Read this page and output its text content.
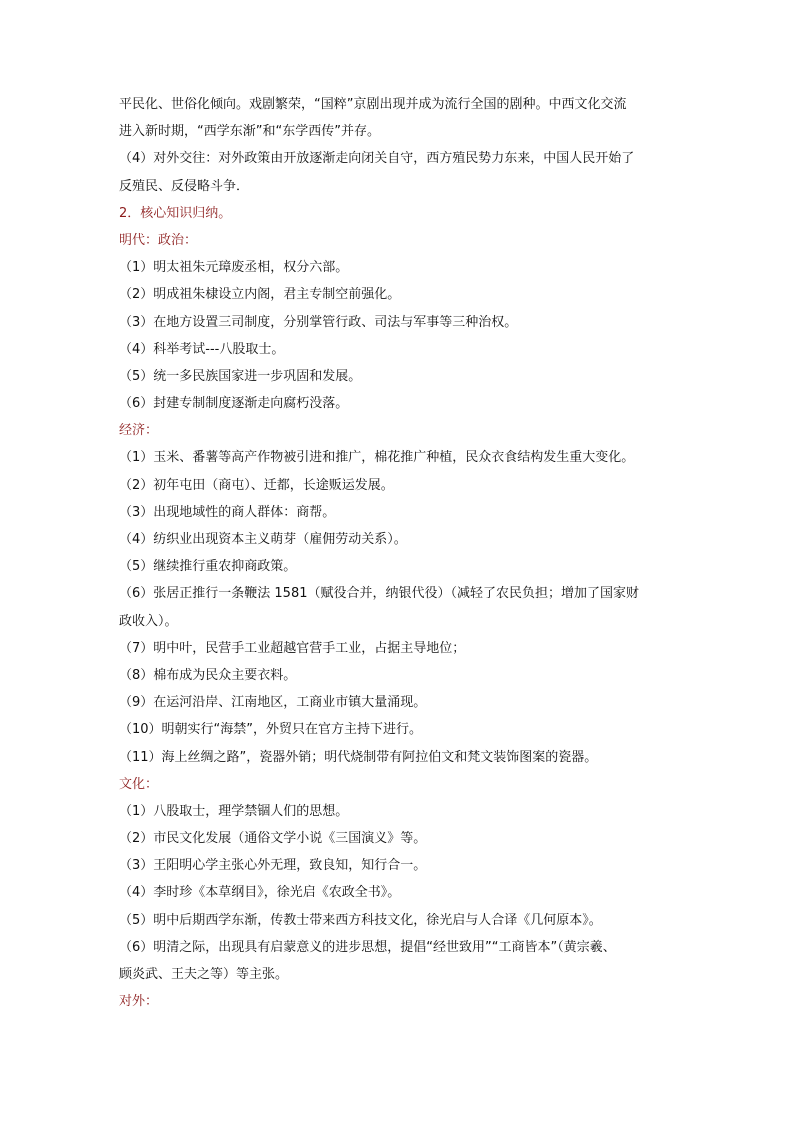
平民化、世俗化倾向。戏剧繁荣，“国粹”京剧出现并成为流行全国的剧种。中西文化交流
进入新时期，“西学东渐”和“东学西传”并存。
（4）对外交往：对外政策由开放逐渐走向闭关自守，西方殖民势力东来，中国人民开始了
反殖民、反侵略斗争．
2．核心知识归纳。
明代：政治：
（1）明太祖朱元璋废丞相，权分六部。
（2）明成祖朱棣设立内阁，君主专制空前强化。
（3）在地方设置三司制度，分别掌管行政、司法与军事等三种治权。
（4）科举考试---八股取士。
（5）统一多民族国家进一步巩固和发展。
（6）封建专制制度逐渐走向腐朽没落。
经济：
（1）玉米、番薯等高产作物被引进和推广，棉花推广种植，民众衣食结构发生重大变化。
（2）初年屯田（商屯）、迁都，长途贩运发展。
（3）出现地域性的商人群体：商帮。
（4）纺织业出现资本主义萌芽（雇佣劳动关系）。
（5）继续推行重农抑商政策。
（6）张居正推行一条鞭法 1581（赋役合并，纳银代役）（减轻了农民负担；增加了国家财
政收入）。
（7）明中叶，民营手工业超越官营手工业，占据主导地位；
（8）棉布成为民众主要衣料。
（9）在运河沿岸、江南地区，工商业市镇大量涌现。
（10）明朝实行“海禁”，外贸只在官方主持下进行。
（11）海上丝绸之路”，瓷器外销；明代烧制带有阿拉伯文和梵文装饰图案的瓷器。
文化：
（1）八股取士，理学禁锢人们的思想。
（2）市民文化发展（通俗文学小说《三国演义》等。
（3）王阳明心学主张心外无理，致良知，知行合一。
（4）李时珍《本草纲目》，徐光启《农政全书》。
（5）明中后期西学东渐，传教士带来西方科技文化，徐光启与人合译《几何原本》。
（6）明清之际，出现具有启蒙意义的进步思想，提倡“经世致用”“工商皆本”（黄宗羲、
顾炎武、王夫之等）等主张。
对外：
